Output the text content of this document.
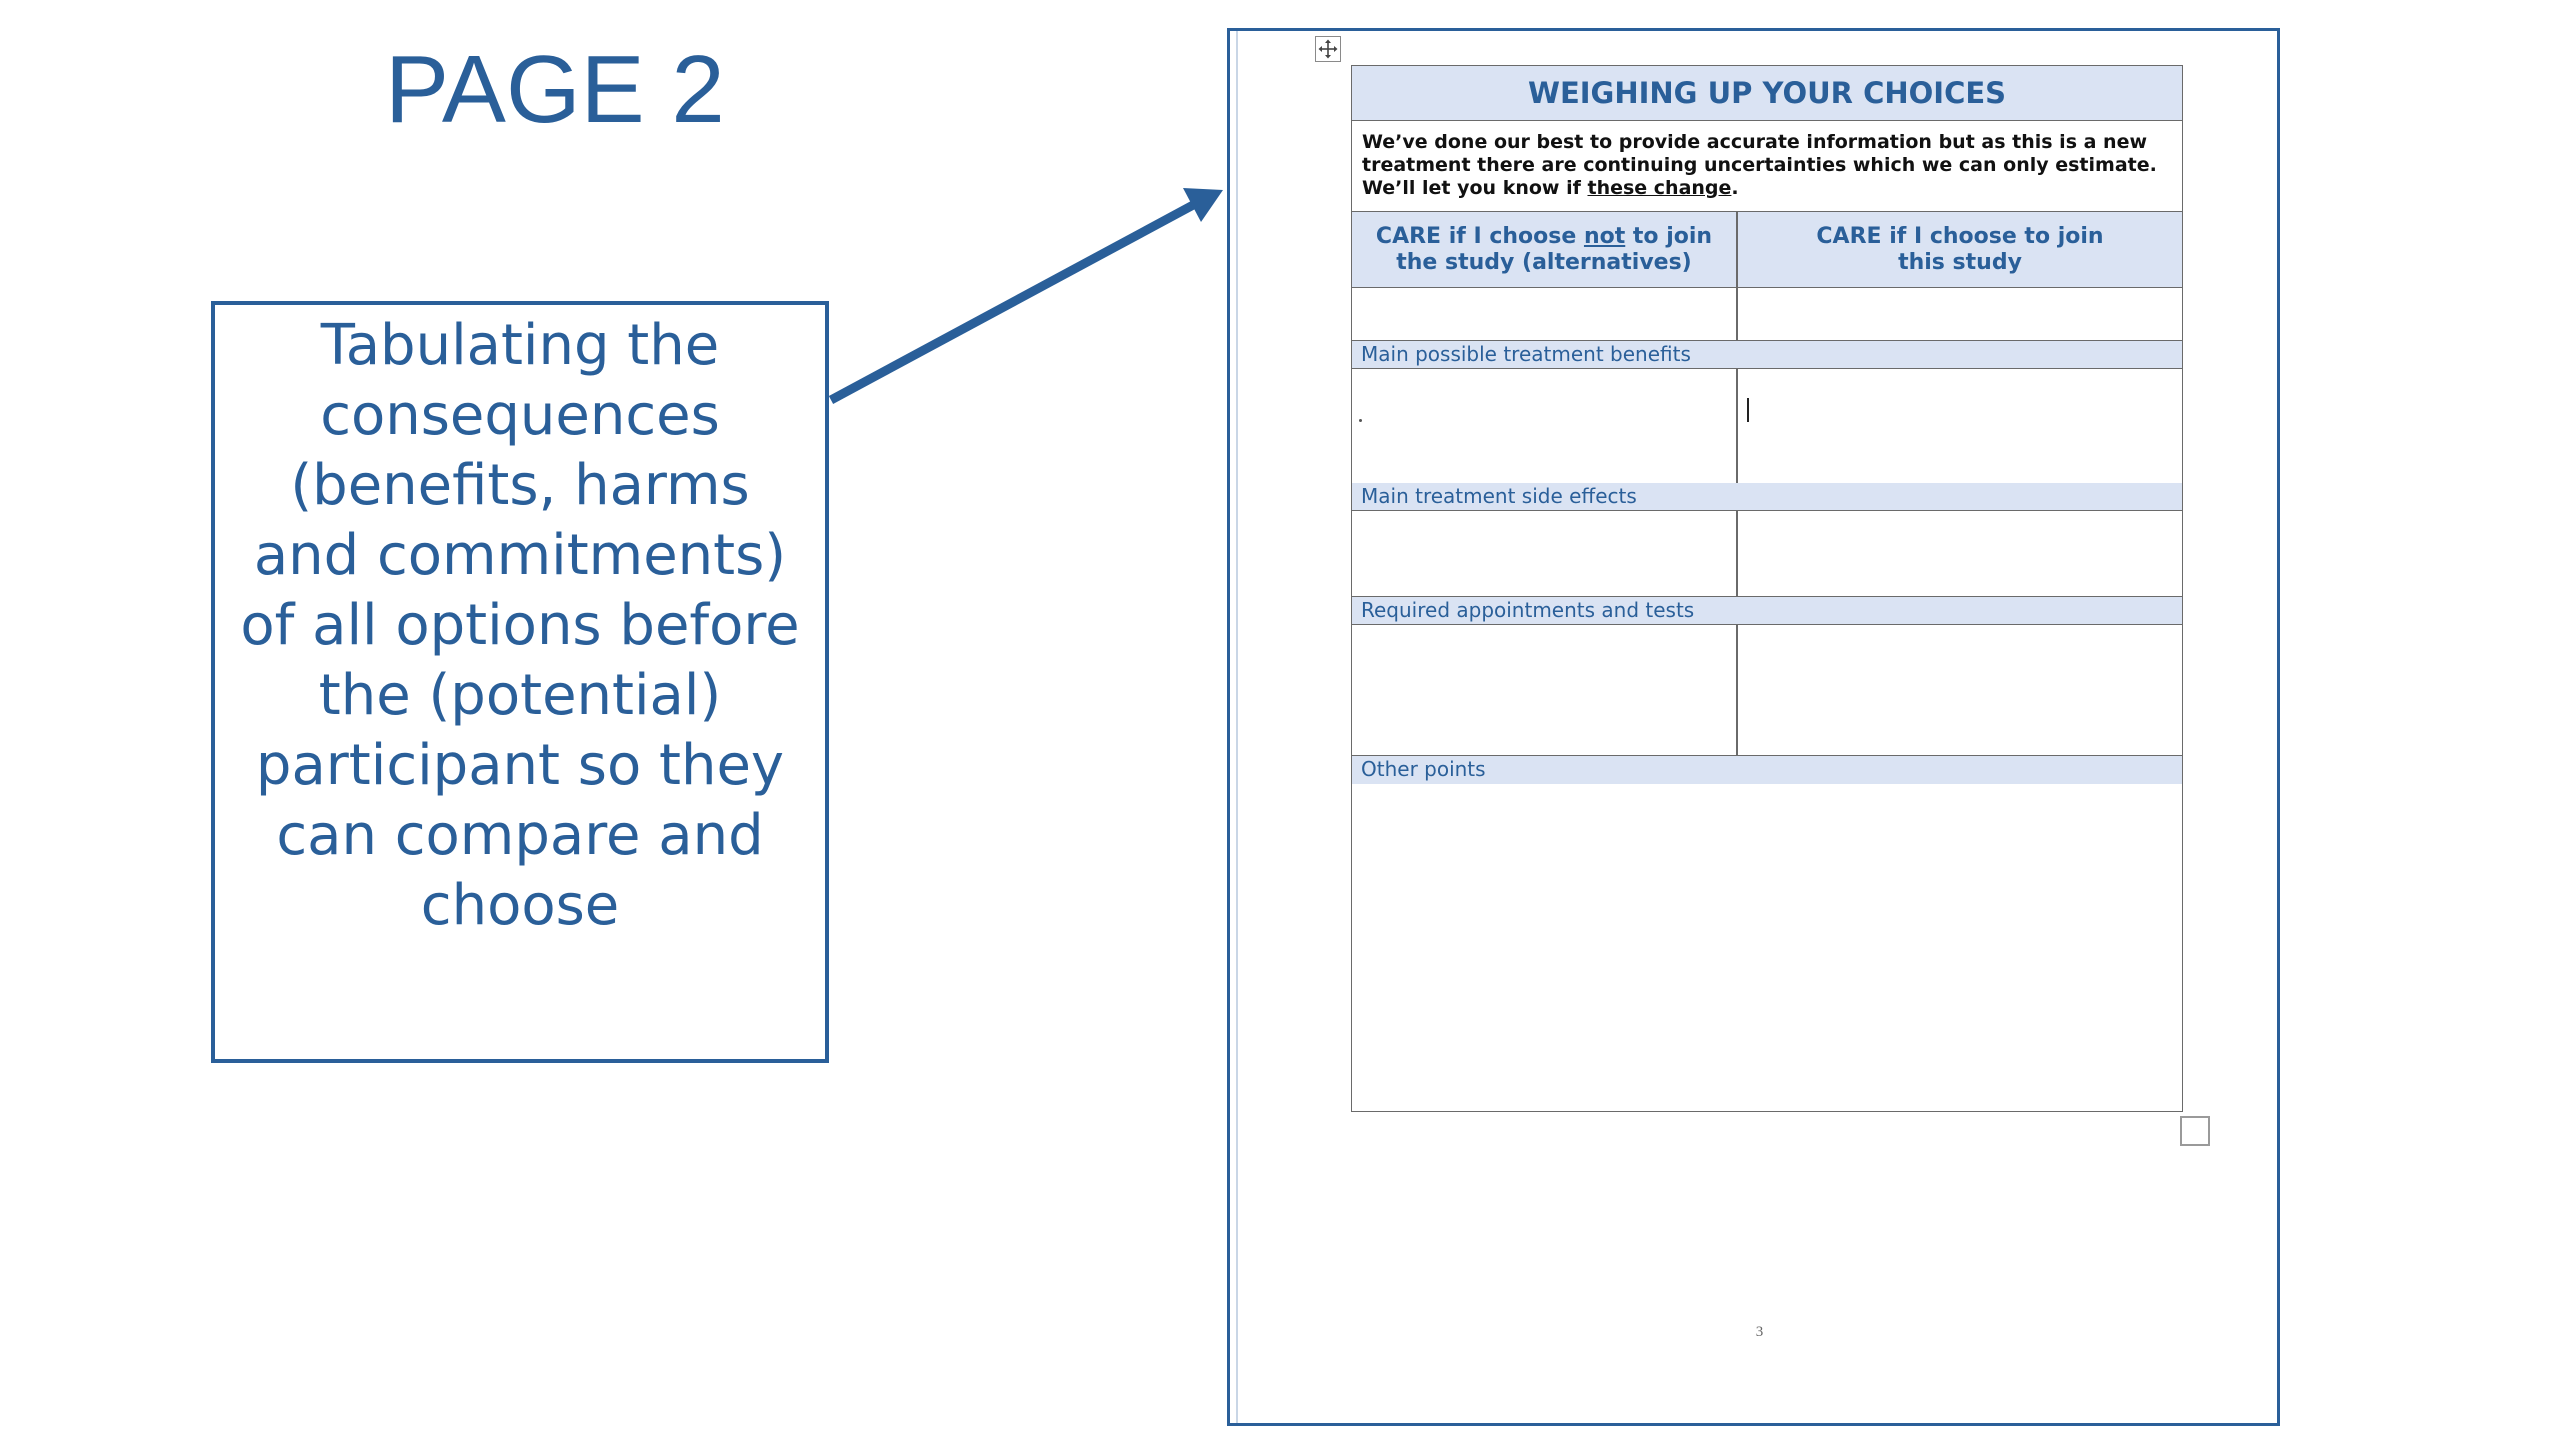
PAGE 2
Tabulating the consequences (benefits, harms and commitments) of all options before the (potential) participant so they can compare and choose
WEIGHING UP YOUR CHOICES
We’ve done our best to provide accurate information but as this is a new
treatment there are continuing uncertainties which we can only estimate.
We’ll let you know if these change.
CARE if I choose not to join the study (alternatives)
CARE if I choose to join this study
Main possible treatment benefits
Main treatment side effects
Required appointments and tests
Other points
3
